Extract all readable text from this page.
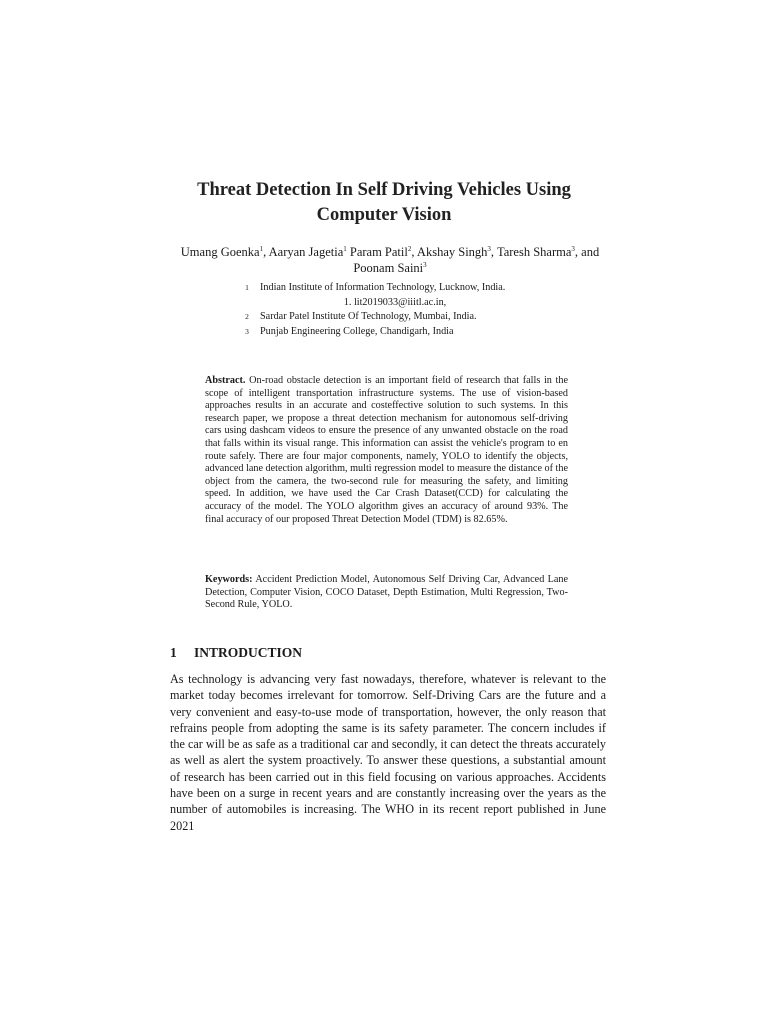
Threat Detection In Self Driving Vehicles Using
Computer Vision
Umang Goenka$^1$, Aaryan Jagetia$^1$ Param Patil$^2$, Akshay Singh$^3$, Taresh Sharma$^3$, and
Poonam Saini$^3$
1	Indian Institute of Information Technology, Lucknow, India.
1. lit2019033@iiitl.ac.in,
2	Sardar Patel Institute Of Technology, Mumbai, India.
3	Punjab Engineering College, Chandigarh, India
Abstract. On-road obstacle detection is an important field of research that falls in the scope of intelligent transportation infrastructure systems. The use of vision-based approaches results in an accurate and costeffective solution to such systems. In this research paper, we propose a threat detection mechanism for autonomous self-driving cars using dashcam videos to ensure the presence of any unwanted obstacle on the road that falls within its visual range. This information can assist the vehicle's program to en route safely. There are four major components, namely, YOLO to identify the objects, advanced lane detection algorithm, multi regression model to measure the distance of the object from the camera, the two-second rule for measuring the safety, and limiting speed. In addition, we have used the Car Crash Dataset(CCD) for calculating the accuracy of the model. The YOLO algorithm gives an accuracy of around 93%. The final accuracy of our proposed Threat Detection Model (TDM) is 82.65%.
Keywords: Accident Prediction Model, Autonomous Self Driving Car, Advanced Lane Detection, Computer Vision, COCO Dataset, Depth Estimation, Multi Regression, Two-Second Rule, YOLO.
1 INTRODUCTION
As technology is advancing very fast nowadays, therefore, whatever is relevant to the market today becomes irrelevant for tomorrow. Self-Driving Cars are the future and a very convenient and easy-to-use mode of transportation, however, the only reason that refrains people from adopting the same is its safety parameter. The concern includes if the car will be as safe as a traditional car and secondly, it can detect the threats accurately as well as alert the system proactively. To answer these questions, a substantial amount of research has been carried out in this field focusing on various approaches. Accidents have been on a surge in recent years and are constantly increasing over the years as the number of automobiles is increasing. The WHO in its recent report published in June 2021
